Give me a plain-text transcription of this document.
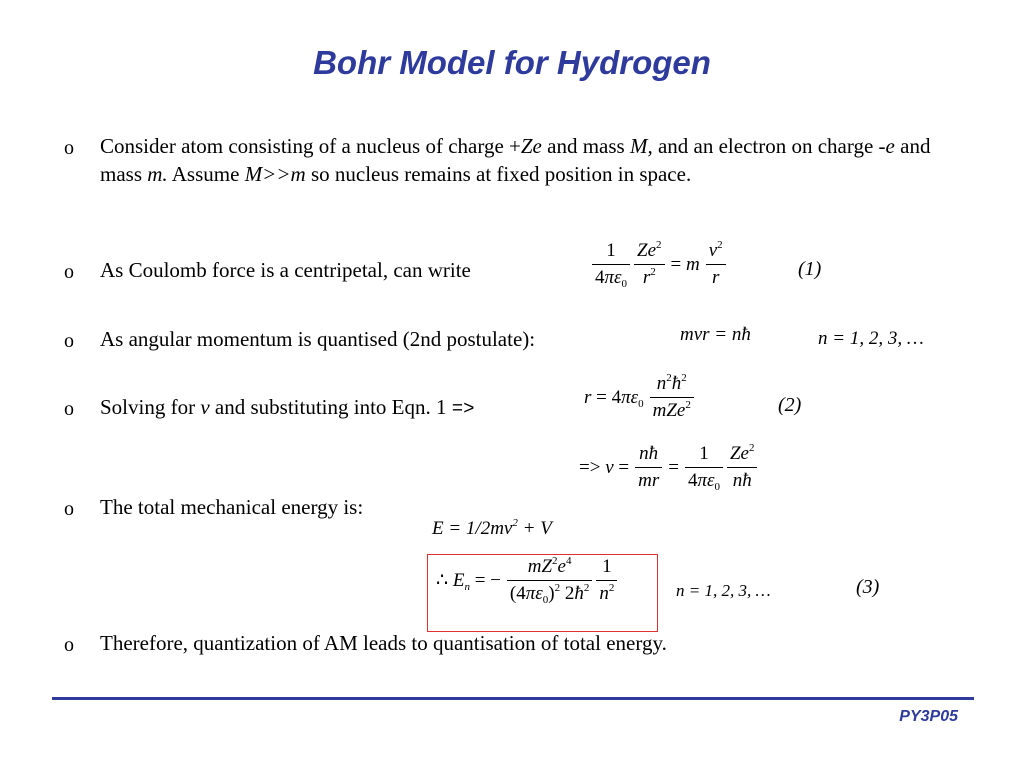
Bohr Model for Hydrogen
o Consider atom consisting of a nucleus of charge +Ze and mass M, and an electron on charge -e and mass m. Assume M>>m so nucleus remains at fixed position in space.
o As Coulomb force is a centripetal, can write	$\frac{1}{4\pi\varepsilon_0} \frac{Ze^2}{r^2} = m \frac{v^2}{r}$	(1)
o As angular momentum is quantised (2nd postulate):	mvr = nħ	n = 1, 2, 3, …
o Solving for v and substituting into Eqn. 1 =>
$r = 4\pi\varepsilon_0 \frac{n^2ħ^2}{mZe^2}$	(2)
=> $v = \frac{nħ}{mr} = \frac{1}{4\pi\varepsilon_0} \frac{Ze^2}{nħ}$
o The total mechanical energy is:
$E = 1/2mv^2 + V$
∴ $E_n$ = − $\frac{mZ^2e^4}{(4\pi\varepsilon_0)^2 2ħ^2} \frac{1}{n^2}$	n = 1, 2, 3, …	(3)
o Therefore, quantization of AM leads to quantisation of total energy.
PY3P05
